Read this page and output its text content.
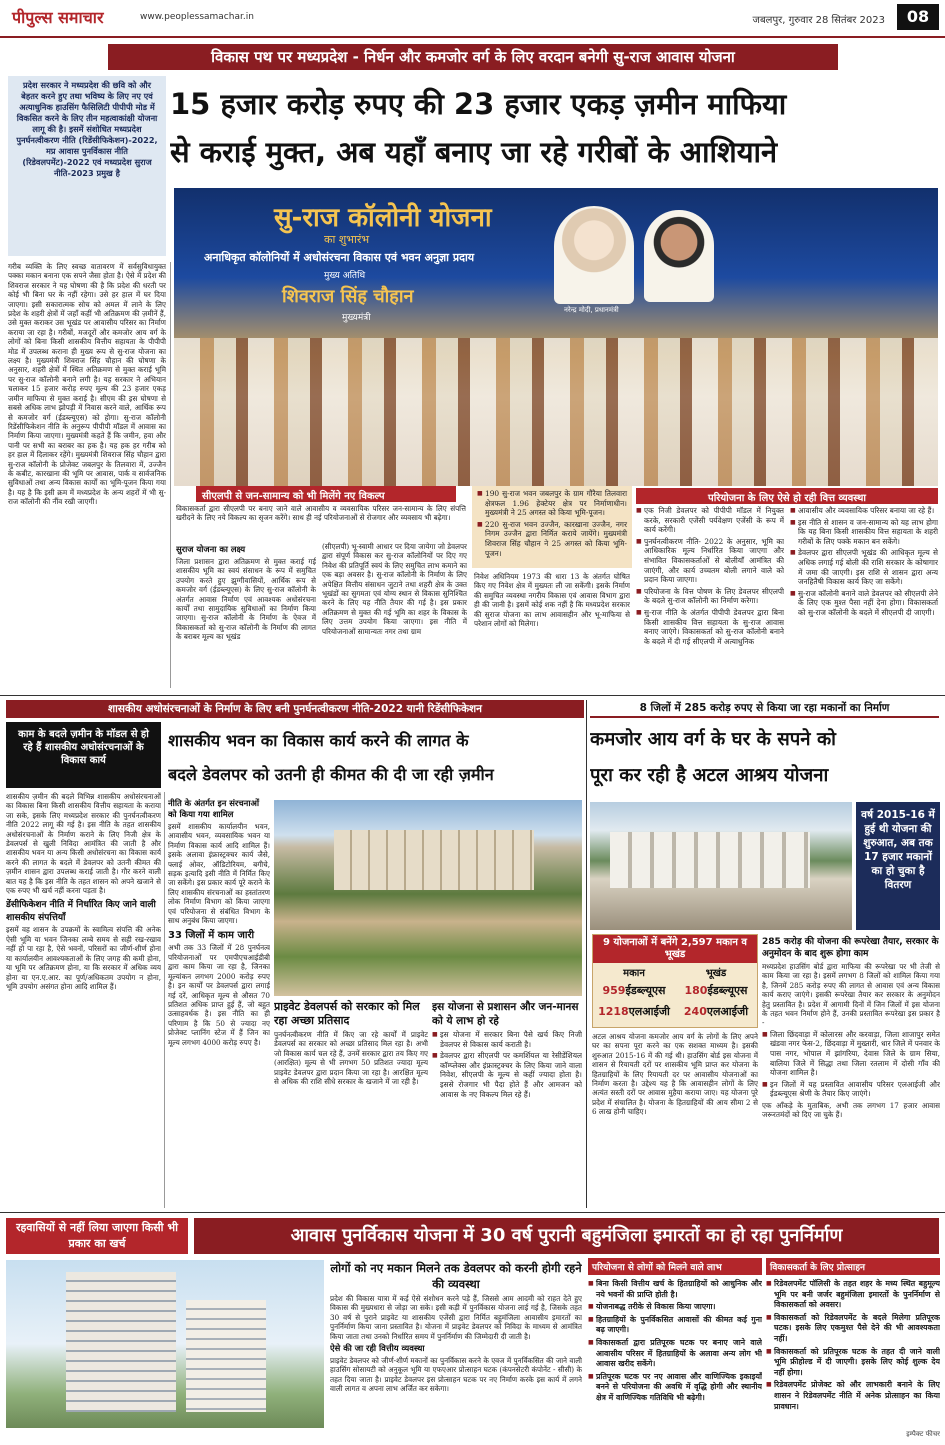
पीपुल्स समाचार	www.peoplessamachar.in	जबलपुर, गुरुवार 28 सितंबर 2023	08
विकास पथ पर मध्यप्रदेश - निर्धन और कमजोर वर्ग के लिए वरदान बनेगी सु-राज आवास योजना
15 हजार करोड़ रुपए की 23 हजार एकड़ ज़मीन माफिया
से कराई मुक्त, अब यहाँ बनाए जा रहे गरीबों के आशियाने
प्रदेश सरकार ने मध्यप्रदेश की छवि को और बेहतर करने हुए तथा भविष्य के लिए नए एवं अत्याधुनिक हाउसिंग फैसिलिटी पीपीपी मोड में विकसित करने के लिए तीन महत्वाकांक्षी योजना लागू की है। इसमें संशोधित मध्यप्रदेश पुनर्घनत्वीकरण नीति (रिडेंसीफिकेशन)-2022, मप्र आवास पुनर्विकास नीति (रिडेवलपमेंट)-2022 एवं मध्यप्रदेश सुराज नीति-2023 प्रमुख है
गरीब व्यक्ति के लिए स्वच्छ वातावरण में सर्वसुविधायुक्त पक्का मकान बनाना एक सपने जैसा होता है। ऐसे में प्रदेश की शिवराज सरकार ने यह घोषणा की है कि प्रदेश की धरती पर कोई भी बिना घर के नहीं रहेगा। उसे हर हाल में घर दिया जाएगा। इसी सकारात्मक सोच को अमल में लाने के लिए प्रदेश के शहरी क्षेत्रों में जहाँ कहीं भी अतिक्रमण की ज़मीनें हैं, उसे मुक्त कराकर उस भूखंड पर आवासीय परिसर का निर्माण कराया जा रहा है। गरीबों, मजदूरों और कमजोर आय वर्ग के लोगों को बिना किसी शासकीय वित्तीय सहायता के पीपीपी मोड में उपलब्ध कराना ही मुख्य रूप से सु-राज योजना का लक्ष्य है। मुख्यमंत्री शिवराज सिंह चौहान की घोषणा के अनुसार, शहरी क्षेत्रों में स्थित अतिक्रमण से मुक्त कराई भूमि पर सु-राज कॉलोनी बनाने लगी है। यह सरकार ने अभियान चलाकर 15 हजार करोड़ रुपए मूल्य की 23 हजार एकड़ जमीन माफिया से मुक्त कराई है। सीएम की इस घोषणा से सबसे अधिक लाभ झोपड़ी में निवास करने वाले, आर्थिक रूप से कमजोर वर्ग (ईडब्ल्यूएस) को होगा। सु-राज कॉलोनी रिडेंसीफिकेशन नीति के अनुरूप पीपीपी मॉडल में आवास का निर्माण किया जाएगा। मुख्यमंत्री कहते हैं कि जमीन, हवा और पानी पर सभी का बराबर का हक है। यह हक हर गरीब को हर हाल में दिलाकर रहेंगे। मुख्यमंत्री शिवराज सिंह चौहान द्वारा सु-राज कॉलोनी के प्रोजेक्ट जबलपुर के तिलवारा में, उज्जैन के कबीट, कारखाना की भूमि पर आवास, पार्क व सार्वजनिक सुविधाओं तथा अन्य विकास कार्यों का भूमि-पूजन किया गया है। यह है कि इसी क्रम में मध्यप्रदेश के अन्य शहरों में भी सु-राज कॉलोनी की नींव रखी जाएगी।
सु-राज कॉलोनी योजना
का शुभारंभ
अनाधिकृत कॉलोनियों में अधोसंरचना विकास एवं भवन अनुज्ञा प्रदाय
मुख्य अतिथि
शिवराज सिंह चौहान
मुख्यमंत्री
नरेन्द्र मोदी, प्रधानमंत्री
सीएलपी से जन-सामान्य को भी मिलेंगे नए विकल्प
विकासकर्ता द्वारा सीएलपी पर बनाए जाने वाले आवासीय व व्यवसायिक परिसर जन-सामान्य के लिए संपत्ति खरीदने के लिए नये विकल्प का सृजन करेंगे। साथ ही नई परियोजनाओं से रोजगार और व्यवसाय भी बढ़ेगा।
■ 190 सु-राज भवन जबलपुर के ग्राम गौरैया तिलवारा क्षेत्रफल 1.96 हेक्टेयर क्षेत्र पर निर्माणाधीन। मुख्यमंत्री ने 25 अगस्त को किया भूमि-पूजन।
■ 220 सु-राज भवन उज्जैन, कारखाना उज्जैन, नगर निगम उज्जैन द्वारा निर्मित कराये जायेंगे। मुख्यमंत्री शिवराज सिंह चौहान ने 25 अगस्त को किया भूमि-पूजन।
सुराज योजना का लक्ष्य
जिला प्रशासन द्वारा अतिक्रमण से मुक्त कराई गई शासकीय भूमि का स्वयं संसाधन के रूप में समुचित उपयोग करते हुए झुग्गीवासियों, आर्थिक रूप से कमजोर वर्ग (ईडब्ल्यूएस) के लिए सु-राज कॉलोनी के अंतर्गत आवास निर्माण एवं आवश्यक अधोसंरचना कार्यों तथा सामुदायिक सुविधाओं का निर्माण किया जाएगा। सु-राज कॉलोनी के निर्माण के ऐवज में विकासकर्ता को सु-राज कॉलोनी के निर्माण की लागत के बराबर मूल्य का भूखंड
(सीएलपी) भू-स्वामी आधार पर दिया जायेगा जो डेवलपर द्वारा संपूर्ण विकास कर सु-राज कॉलोनियों पर दिए गए निवेश की प्रतिपूर्ति स्वयं के लिए समुचित लाभ कमाने का एक बड़ा अवसर है। सु-राज कॉलोनी के निर्माण के लिए अपेक्षित वित्तीय संसाधन जुटाने तथा शहरी क्षेत्र के उक्त भूखंडों का सुगमता एवं योग्य स्थान से विकास सुनिश्चित करने के लिए यह नीति तैयार की गई है। इस प्रकार अतिक्रमण से मुक्त की गई भूमि का शहर के विकास के लिए उत्तम उपयोग किया जाएगा। इस नीति में परियोजनाओं सामान्यतः नगर तथा ग्राम
निवेश अधिनियम 1973 की धारा 13 के अंतर्गत घोषित किए गए निवेश क्षेत्र में मुख्यतः ली जा सकेंगी। इसके निर्माण की समुचित व्यवस्था नगरीय विकास एवं आवास विभाग द्वारा ही की जानी है। इसमें कोई शक नहीं है कि मध्यप्रदेश सरकार की सुराज योजना का लाभ आवासहीन और भू-माफिया से परेशान लोगों को मिलेगा।
परियोजना के लिए ऐसे हो रही वित्त व्यवस्था
■ एक निजी डेवलपर को पीपीपी मॉडल में नियुक्त करके, सरकारी एजेंसी पर्यवेक्षण एजेंसी के रूप में कार्य करेंगी।
■ पुनर्घनत्वीकरण नीति- 2022 के अनुसार, भूमि का आधिकारिक मूल्य निर्धारित किया जाएगा और संभावित विकासकर्ताओं से बोलीयाँ आमंत्रित की जाएंगी, और कार्य उच्चतम बोली लगाने वाले को प्रदान किया जाएगा।
■ परियोजना के वित्त पोषण के लिए डेवलपर सीएलपी के बदले सु-राज कॉलोनी का निर्माण करेगा।
■ सु-राज नीति के अंतर्गत पीपीपी डेवलपर द्वारा बिना किसी शासकीय वित्त सहायता के सु-राज आवास बनाए जाएंगे। विकासकर्ता को सु-राज कॉलोनी बनाने के बदले में दी गई सीएलपी में अत्याधुनिक
■ आवासीय और व्यवसायिक परिसर बनाया जा रहे हैं।
■ इस नीति से शासन व जन-सामान्य को यह लाभ होगा कि यह बिना किसी शासकीय वित्त सहायता के शहरी गरीबों के लिए पक्के मकान बन सकेंगे।
■ डेवलपर द्वारा सीएलपी भूखंड की आधिकृत मूल्य से अधिक लगाई गई बोली की राशि सरकार के कोषागार में जमा की जाएगी। इस राशि से शासन द्वारा अन्य जनहितैषी विकास कार्य किए जा सकेंगे।
■ सु-राज कॉलोनी बनाने वाले डेवलपर को सीएलपी लेने के लिए एक मुश्त पैसा नहीं देना होगा। विकासकर्ता को सु-राज कॉलोनी के बदले में सीएलपी दी जाएगी।
शासकीय अधोसंरचनाओं के निर्माण के लिए बनी पुनर्घनत्वीकरण नीति-2022 यानी रिडेंसीफिकेशन
काम के बदले ज़मीन के मॉडल से हो रहे हैं शासकीय अधोसंरचनाओं के विकास कार्य
शासकीय भवन का विकास कार्य करने की लागत के
बदले डेवलपर को उतनी ही कीमत की दी जा रही ज़मीन
शासकीय ज़मीन की बदले विभिन्न शासकीय अधोसंरचनाओं का विकास बिना किसी शासकीय वित्तीय सहायता के कराया जा सके, इसके लिए मध्यप्रदेश सरकार की पुनर्घनत्वीकरण नीति 2022 लागू की गई है। इस नीति के तहत शासकीय अधोसंरचनाओं के निर्माण कराने के लिए निजी क्षेत्र के डेवलपर्स से खुली निविदा आमंत्रित की जाती है और शासकीय भवन या अन्य किसी अधोसंरचना का विकास कार्य करने की लागत के बदले में डेवलपर को उतनी कीमत की ज़मीन शासन द्वारा उपलब्ध कराई जाती है। गौर करने वाली बात यह है कि इस नीति के तहत शासन को अपने खजाने से एक रुपए भी खर्च नहीं करना पड़ता है।
डेंसीफिकेशन नीति में निर्धारित किए जाने वाली शासकीय संपत्तियाँ
इसमें वह शासन के उपक्रमों के स्वामित्व संपत्ति की अनेक ऐसी भूमि या भवन जिनका लम्बे समय से सही रख-रखाव नहीं हो पा रहा है, ऐसे भवनों, परिसरों का जीर्ण-शीर्ण होना या कार्यालयीन आवश्यकताओं के लिए जगह की कमी होना, या भूमि पर अतिक्रमण होना, या कि सरकार में अधिक व्यय होना या एन.ए.आर. का पूर्ण/अधिकतम उपयोग न होना, भूमि उपयोग असंगत होना आदि शामिल हैं।
नीति के अंतर्गत इन संरचनाओं को किया गया शामिल
इसमें शासकीय कार्यालयीन भवन, आवासीय भवन, व्यवसायिक भवन या निर्माण विकास कार्य आदि शामिल हैं। इसके अलावा इंफ्रास्ट्रक्चर कार्य जैसे, फ्लाई ओवर, ऑडिटोरियम, बगीचे, सड़क इत्यादि इसी नीति में निर्मित किए जा सकेंगे। इस प्रकार कार्य पूरे कराने के लिए शासकीय संरचनाओं का हस्तांतरण लोक निर्माण विभाग को किया जाएगा एवं परियोजना से संबंधित विभाग के साथ अनुबंध किया जाएगा।
33 जिलों में काम जारी
अभी तक 33 जिलों में 28 पुनर्घनत्व परियोजनाओं पर एमपीएचआईडीबी द्वारा काम किया जा रहा है, जिनका मूल्यांकन लगभग 2000 करोड़ रुपए है। इन कार्यों पर डेवलपर्स द्वारा लगाई गई दरें, आधिकृत मूल्य से औसत 70 प्रतिशत अधिक प्राप्त हुई हैं, जो बहुत उत्साहवर्धक है। इस नीति का ही परिणाम है कि 50 से ज्यादा नए प्रोजेक्ट प्लानिंग स्टेज में हैं जिन का मूल्य लगभग 4000 करोड़ रुपए है।
प्राइवेट डेवलपर्स को सरकार को मिल रहा अच्छा प्रतिसाद
पुनर्घनत्वीकरण नीति में किए जा रहे कार्यों में प्राइवेट डेवलपर्स का सरकार को अच्छा प्रतिसाद मिल रहा है। अभी जो विकास कार्य चल रहे हैं, उनमें सरकार द्वारा तय किए गए (आरक्षित) मूल्य से भी लगभग 50 प्रतिशत ज्यादा मूल्य प्राइवेट डेवलपर द्वारा प्रदान किया जा रहा है। आरक्षित मूल्य से अधिक की राशि सीधे सरकार के खजाने में जा रही है।
इस योजना से प्रशासन और जन-मानस को ये लाभ हो रहे
■ इस योजना में सरकार बिना पैसे खर्च किए निजी डेवलपर से विकास कार्य कराती है।
■ डेवलपर द्वारा सीएलपी पर कमर्शियल या रेसीडेंशियल कॉम्प्लेक्स और इंफ्रास्ट्रक्चर के लिए किया जाने वाला निवेश, सीएलपी के मूल्य से कहीं ज्यादा होता है। इससे रोजगार भी पैदा होते हैं और आमजन को आवास के नए विकल्प मिल रहे हैं।
8 जिलों में 285 करोड़ रुपए से किया जा रहा मकानों का निर्माण
कमजोर आय वर्ग के घर के सपने को
पूरा कर रही है अटल आश्रय योजना
वर्ष 2015-16 में हुई थी योजना की शुरुआत, अब तक 17 हजार मकानों का हो चुका है वितरण
9 योजनाओं में बनेंगे 2,597 मकान व भूखंड
मकान	भूखंड
959ईडब्ल्यूएस	180ईडब्ल्यूएस
1218एलआईजी	240एलआईजी
अटल आश्रय योजना कमजोर आय वर्ग के लोगों के लिए अपने घर का सपना पूरा करने का एक सशक्त माध्यम है। इसकी शुरुआत 2015-16 में की गई थी। हाउसिंग बोर्ड इस योजना में शासन से रियायती दरों पर शासकीय भूमि प्राप्त कर योजना के हितग्राहियों के लिए रियायती दर पर आवासीय योजनाओं का निर्माण करता है। उद्देश्य यह है कि आवासहीन लोगों के लिए अत्यंत सस्ती दरों पर आवास मुहैया कराया जाए। यह योजना पूरे प्रदेश में संचालित है। योजना के हितग्राहियों की आय सीमा 2 से 6 लाख होनी चाहिए।
285 करोड़ की योजना की रूपरेखा तैयार, सरकार के अनुमोदन के बाद शुरू होगा काम
मध्यप्रदेश हाउसिंग बोर्ड द्वारा माफिया की रूपरेखा पर भी तेजी से काम किया जा रहा है। इसमें लगभग 8 जिलों को शामिल किया गया है, जिनमें 285 करोड़ रुपए की लागत से आवास एवं अन्य विकास कार्य कराए जाएंगे। इसकी रूपरेखा तैयार कर सरकार के अनुमोदन हेतु प्रस्तावित है। प्रदेश में आगामी दिनों में जिन जिलों में इस योजना के तहत भवन निर्माण होने हैं, उनकी प्रस्तावित रूपरेखा इस प्रकार है -
■ जिला छिंदवाड़ा में कोलारस और करवाड़ा, जिला शाजापुर समेत खंडवा नगर फेस-2, छिंदवाड़ा में मुख्तारी, धार जिले में पनवार के पास नगर, भोपाल में झांगरिया, देवास जिले के ग्राम सिया, बालिया जिले में सिद्धा तथा जिला रतलाम में दोसी गाँव की योजना शामिल है।
■ इन जिलों में यह प्रस्तावित आवासीय परिसर एलआईजी और ईडब्ल्यूएस श्रेणी के तैयार किए जाएंगे।
एक आँकड़े के मुताबिक, अभी तक लगभग 17 हजार आवास जरूरतमंदों को दिए जा चुके हैं।
रहवासियों से नहीं लिया जाएगा किसी भी प्रकार का खर्च	आवास पुनर्विकास योजना में 30 वर्ष पुरानी बहुमंजिला इमारतों का हो रहा पुनर्निर्माण
लोगों को नए मकान मिलने तक डेवलपर को करनी होगी रहने की व्यवस्था
प्रदेश की विकास यात्रा में कई ऐसे संशोधन करने पड़े हैं, जिससे आम आदमी को राहत देते हुए विकास की मुख्यधारा से जोड़ा जा सके। इसी कड़ी में पुनर्विकास योजना लाई गई है, जिसके तहत 30 वर्ष से पुराने प्राइवेट या शासकीय एजेंसी द्वारा निर्मित बहुमंजिला आवासीय इमारतों का पुनर्निर्माण किया जाना प्रस्तावित है। योजना में प्राइवेट डेवलपर को निविदा के माध्यम से आमंत्रित किया जाता तथा उनको निर्धारित समय में पुनर्निर्माण की जिम्मेदारी दी जाती है।
ऐसे की जा रही वित्तीय व्यवस्था
प्राइवेट डेवलपर को जीर्ण-शीर्ण मकानों का पुनर्विकास करने के एवज में पुनर्विकसित की जाने वाली हाउसिंग सोसायटी को अनुकूल भूमि या एफएआर प्रोत्साहन घटक (कंपनसेटरी कंपोनेंट - सीसी) के तहत दिया जाता है। प्राइवेट डेवलपर इस प्रोत्साहन घटक पर नए निर्माण करके इस कार्य में लगने वाली लागत व अपना लाभ अर्जित कर सकेगा।
परियोजना से लोगों को मिलने वाले लाभ
■ बिना किसी वित्तीय खर्च के हितग्राहियों को आधुनिक और नये भवनों की प्राप्ति होती है।
■ योजनाबद्ध तरीके से विकास किया जाएगा।
■ हितग्राहियों के पुनर्विकसित आवासों की कीमत कई गुना बढ़ जाएगी।
■ विकासकर्ता द्वारा प्रतिपूरक घटक पर बनाए जाने वाले आवासीय परिसर में हितग्राहियों के अलावा अन्य लोग भी आवास खरीद सकेंगे।
■ प्रतिपूरक घटक पर नए आवास और वाणिज्यिक इकाइयाँ बनने से परियोजना की अवधि में वृद्धि होगी और स्थानीय क्षेत्र में वाणिज्यिक गतिविधि भी बढ़ेगी।
विकासकर्ता के लिए प्रोत्साहन
■ रिडेवलपमेंट पॉलिसी के तहत शहर के मध्य स्थित बहुमूल्य भूमि पर बनी जर्जर बहुमंजिला इमारतों के पुनर्निर्माण से विकासकर्ता को अवसर।
■ विकासकर्ता को रिडेवलपमेंट के बदले मिलेगा प्रतिपूरक घटक। इसके लिए एकमुश्त पैसे देने की भी आवश्यकता नहीं।
■ विकासकर्ता को प्रतिपूरक घटक के तहत दी जाने वाली भूमि फ्रीहोल्ड में दी जाएगी। इसके लिए कोई शुल्क देय नहीं होगा।
■ रिडेवलपमेंट प्रोजेक्ट को और लाभकारी बनाने के लिए शासन ने रिडेवलपमेंट नीति में अनेक प्रोत्साहन का किया प्रावधान।
इम्पैक्ट फीचर
